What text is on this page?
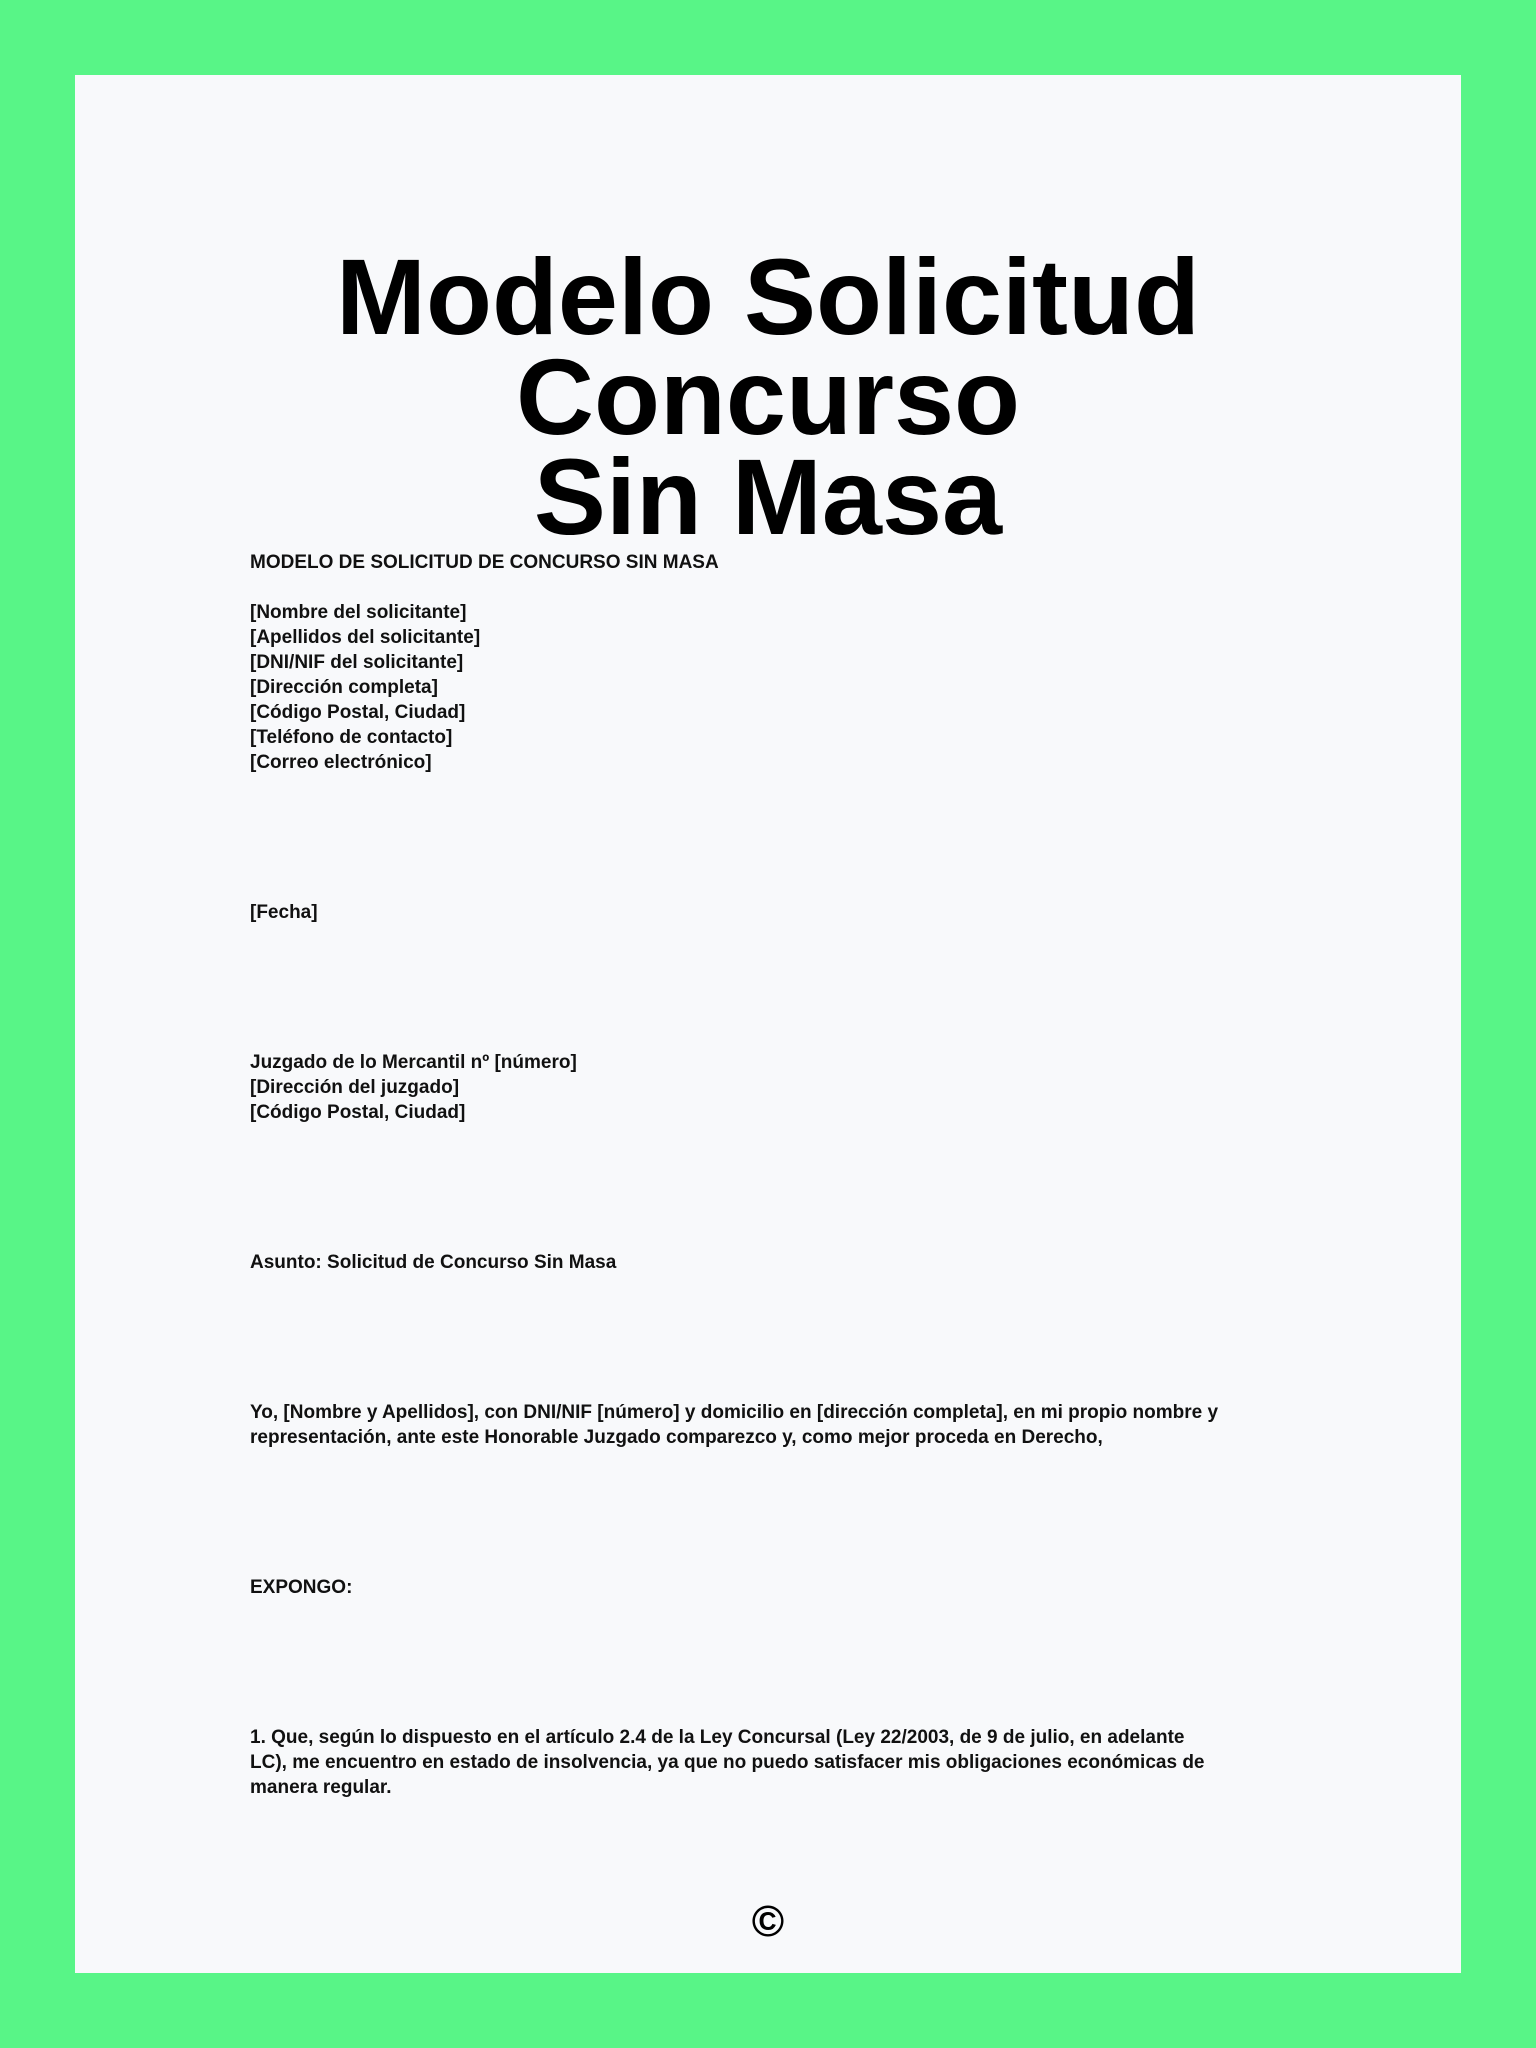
Modelo Solicitud Concurso
Sin Masa

MODELO DE SOLICITUD DE CONCURSO SIN MASA

[Nombre del solicitante]
[Apellidos del solicitante]
[DNI/NIF del solicitante]
[Dirección completa]
[Código Postal, Ciudad]
[Teléfono de contacto]
[Correo electrónico]

[Fecha]

Juzgado de lo Mercantil nº [número]
[Dirección del juzgado]
[Código Postal, Ciudad]

Asunto: Solicitud de Concurso Sin Masa

Yo, [Nombre y Apellidos], con DNI/NIF [número] y domicilio en [dirección completa], en mi propio nombre y
representación, ante este Honorable Juzgado comparezco y, como mejor proceda en Derecho,

EXPONGO:

1. Que, según lo dispuesto en el artículo 2.4 de la Ley Concursal (Ley 22/2003, de 9 de julio, en adelante
LC), me encuentro en estado de insolvencia, ya que no puedo satisfacer mis obligaciones económicas de
manera regular.

©
